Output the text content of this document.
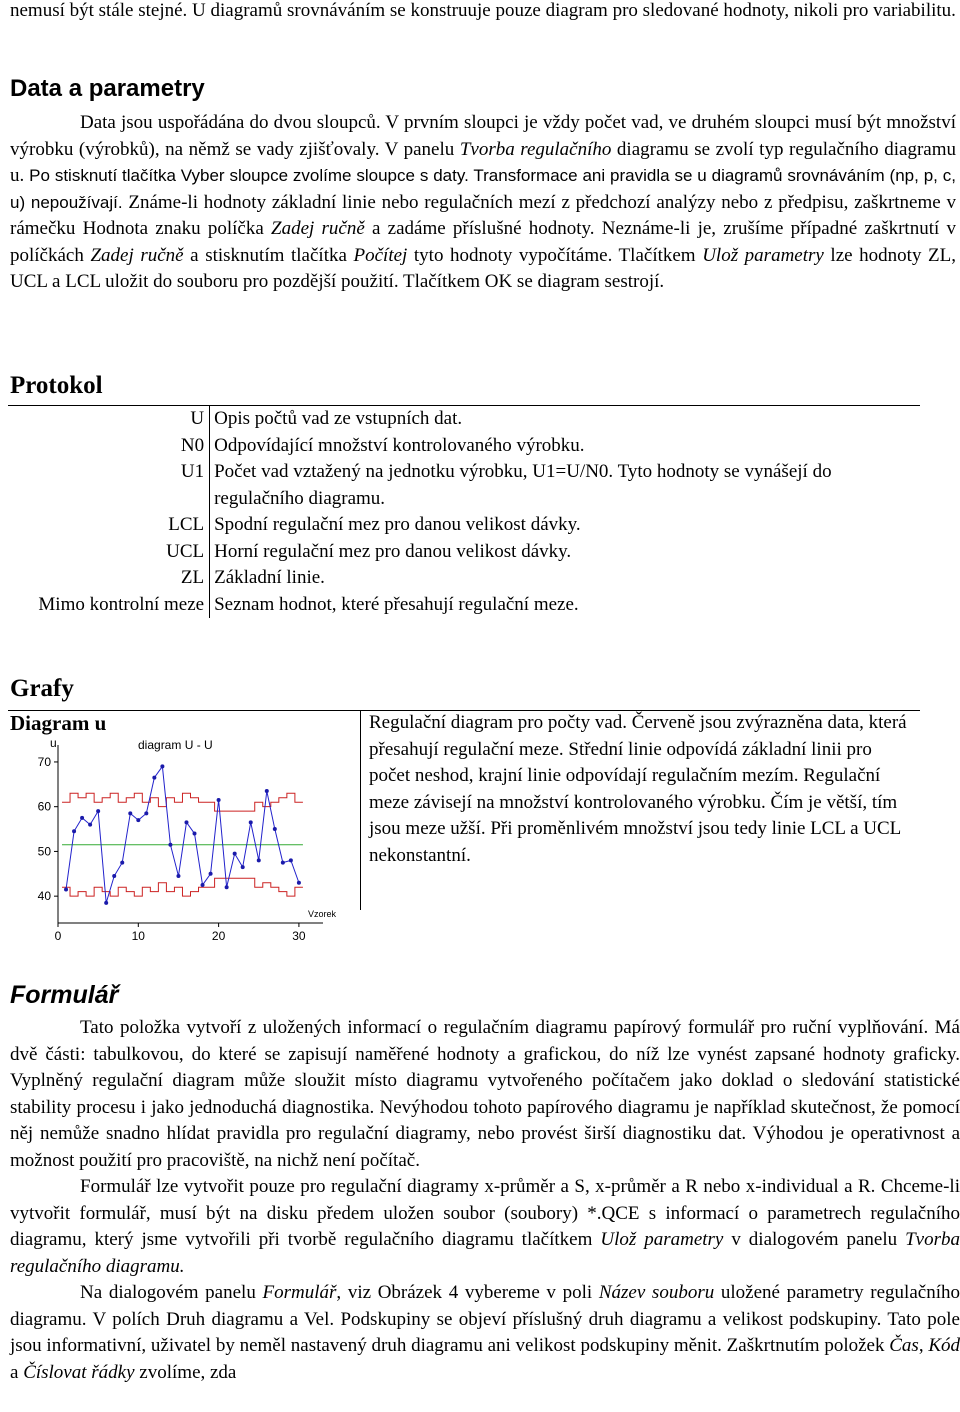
nemusí být stále stejné. U diagramů srovnáváním se konstruuje pouze diagram pro sledované hodnoty, nikoli pro variabilitu.

Data a parametry

Data jsou uspořádána do dvou sloupců. V prvním sloupci je vždy počet vad, ve druhém sloupci musí být množství výrobku (výrobků), na němž se vady zjišťovaly. V panelu Tvorba regulačního diagramu se zvolí typ regulačního diagramu u. Po stisknutí tlačítka Vyber sloupce zvolíme sloupce s daty. Transformace ani pravidla se u diagramů srovnáváním (np, p, c, u) nepoužívají. Známe-li hodnoty základní linie nebo regulačních mezí z předchozí analýzy nebo z předpisu, zaškrtneme v rámečku Hodnota znaku políčka Zadej ručně a zadáme příslušné hodnoty. Neznáme-li je, zrušíme případné zaškrtnutí v políčkách Zadej ručně a stisknutím tlačítka Počítej tyto hodnoty vypočítáme. Tlačítkem Ulož parametry lze hodnoty ZL, UCL a LCL uložit do souboru pro pozdější použití. Tlačítkem OK se diagram sestrojí.

Protokol
U	Opis počtů vad ze vstupních dat.
N0	Odpovídající množství kontrolovaného výrobku.
U1	Počet vad vztažený na jednotku výrobku, U1=U/N0. Tyto hodnoty se vynášejí do regulačního diagramu.
LCL	Spodní regulační mez pro danou velikost dávky.
UCL	Horní regulační mez pro danou velikost dávky.
ZL	Základní linie.
Mimo kontrolní meze	Seznam hodnot, které přesahují regulační meze.
Grafy
Diagram u
diagram U - U
u
Vzorek
40
50
60
70
0	10	20	30
Regulační diagram pro počty vad. Červeně jsou zvýrazněna data, která přesahují regulační meze. Střední linie odpovídá základní linii pro počet neshod, krajní linie odpovídají regulačním mezím. Regulační meze závisejí na množství kontrolovaného výrobku. Čím je větší, tím jsou meze užší. Při proměnlivém množství jsou tedy linie LCL a UCL nekonstantní.
Formulář

Tato položka vytvoří z uložených informací o regulačním diagramu papírový formulář pro ruční vyplňování. Má dvě části: tabulkovou, do které se zapisují naměřené hodnoty a grafickou, do níž lze vynést zapsané hodnoty graficky. Vyplněný regulační diagram může sloužit místo diagramu vytvořeného počítačem jako doklad o sledování statistické stability procesu i jako jednoduchá diagnostika. Nevýhodou tohoto papírového diagramu je například skutečnost, že pomocí něj nemůže snadno hlídat pravidla pro regulační diagramy, nebo provést širší diagnostiku dat. Výhodou je operativnost a možnost použití pro pracoviště, na nichž není počítač.

Formulář lze vytvořit pouze pro regulační diagramy x-průměr a S, x-průměr a R nebo x-individual a R. Chceme-li vytvořit formulář, musí být na disku předem uložen soubor (soubory) *.QCE s informací o parametrech regulačního diagramu, který jsme vytvořili při tvorbě regulačního diagramu tlačítkem Ulož parametry v dialogovém panelu Tvorba regulačního diagramu.

Na dialogovém panelu Formulář, viz Obrázek 4 vybereme v poli Název souboru uložené parametry regulačního diagramu. V polích Druh diagramu a Vel. Podskupiny se objeví příslušný druh diagramu a velikost podskupiny. Tato pole jsou informativní, uživatel by neměl nastavený druh diagramu ani velikost podskupiny měnit. Zaškrtnutím položek Čas, Kód a Číslovat řádky zvolíme, zda
